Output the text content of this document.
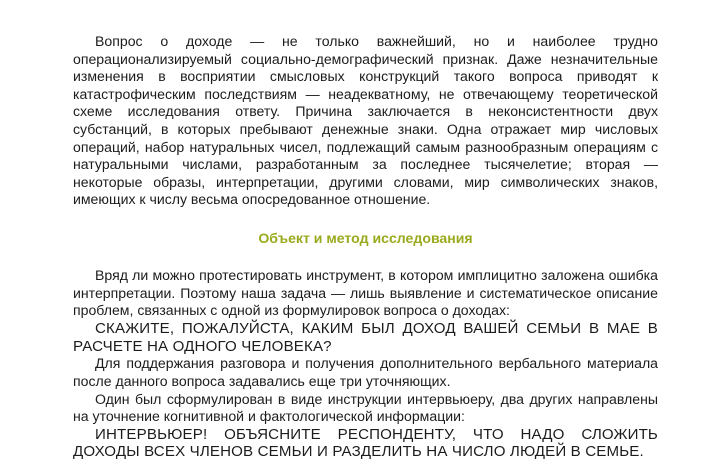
Вопрос о доходе — не только важнейший, но и наиболее трудно операционализируемый социально-демографический признак. Даже незначительные изменения в восприятии смысловых конструкций такого вопроса приводят к катастрофическим последствиям — неадекватному, не отвечающему теоретической схеме исследования ответу. Причина заключается в неконсистентности двух субстанций, в которых пребывают денежные знаки. Одна отражает мир числовых операций, набор натуральных чисел, подлежащий самым разнообразным операциям с натуральными числами, разработанным за последнее тысячелетие; вторая — некоторые образы, интерпретации, другими словами, мир символических знаков, имеющих к числу весьма опосредованное отношение.

Объект и метод исследования

Вряд ли можно протестировать инструмент, в котором имплицитно заложена ошибка интерпретации. Поэтому наша задача — лишь выявление и систематическое описание проблем, связанных с одной из формулировок вопроса о доходах:

СКАЖИТЕ, ПОЖАЛУЙСТА, КАКИМ БЫЛ ДОХОД ВАШЕЙ СЕМЬИ В МАЕ В РАСЧЕТЕ НА ОДНОГО ЧЕЛОВЕКА?

Для поддержания разговора и получения дополнительного вербального материала после данного вопроса задавались еще три уточняющих.

Один был сформулирован в виде инструкции интервьюеру, два других направлены на уточнение когнитивной и фактологической информации:

ИНТЕРВЬЮЕР! ОБЪЯСНИТЕ РЕСПОНДЕНТУ, ЧТО НАДО СЛОЖИТЬ ДОХОДЫ ВСЕХ ЧЛЕНОВ СЕМЬИ И РАЗДЕЛИТЬ НА ЧИСЛО ЛЮДЕЙ В СЕМЬЕ.
